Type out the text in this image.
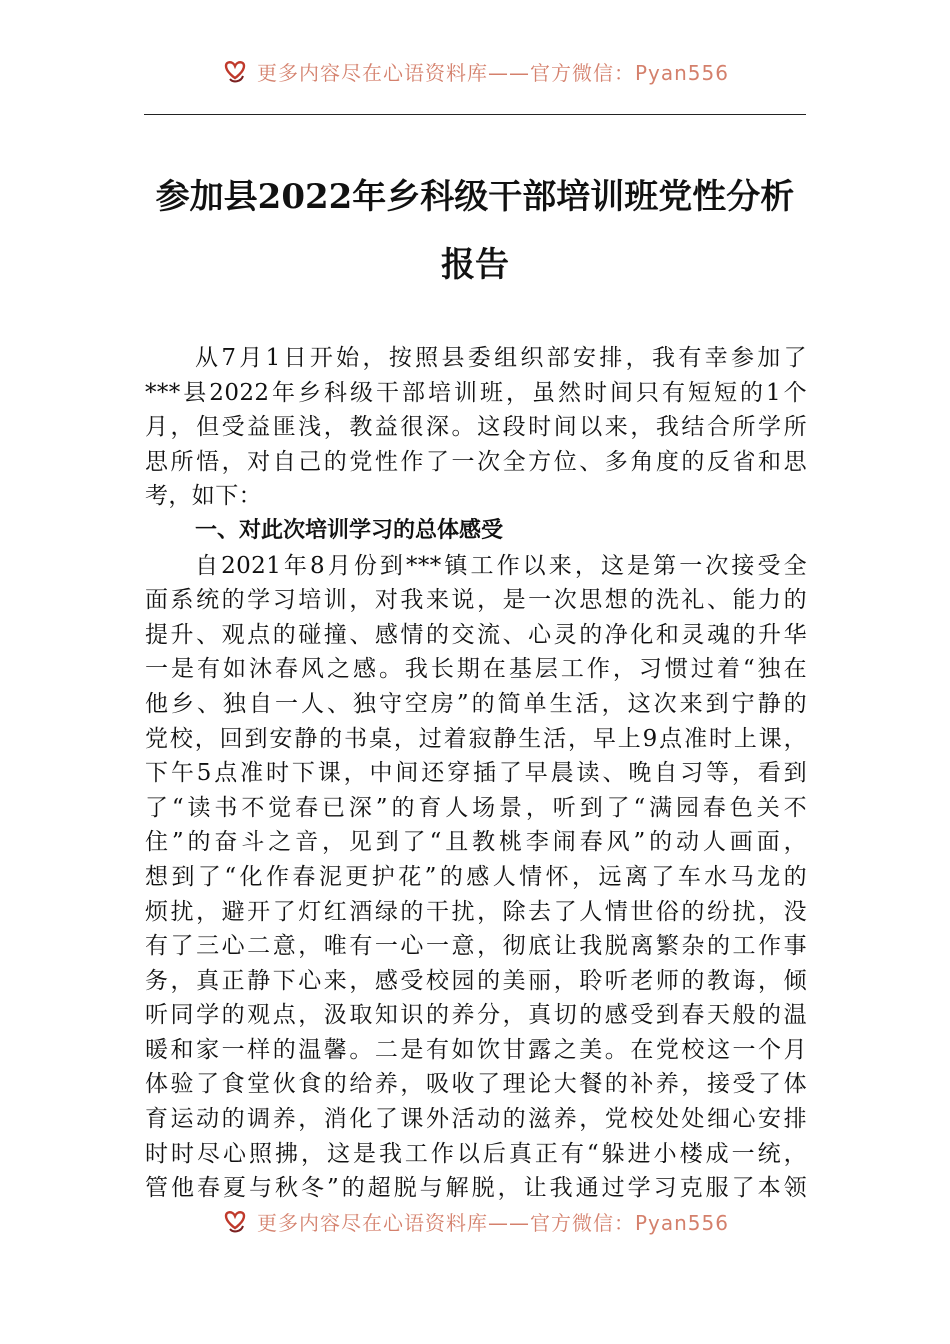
更多内容尽在心语资料库——官方微信：Pyan556
参加县2022年乡科级干部培训班党性分析
报告
从7月1日开始，按照县委组织部安排，我有幸参加了
***县2022年乡科级干部培训班，虽然时间只有短短的1个
月，但受益匪浅，教益很深。这段时间以来，我结合所学所
思所悟，对自己的党性作了一次全方位、多角度的反省和思
考，如下：
一、对此次培训学习的总体感受
自2021年8月份到***镇工作以来，这是第一次接受全
面系统的学习培训，对我来说，是一次思想的洗礼、能力的
提升、观点的碰撞、感情的交流、心灵的净化和灵魂的升华
一是有如沐春风之感。我长期在基层工作，习惯过着“独在
他乡、独自一人、独守空房”的简单生活，这次来到宁静的
党校，回到安静的书桌，过着寂静生活，早上9点准时上课，
下午5点准时下课，中间还穿插了早晨读、晚自习等，看到
了“读书不觉春已深”的育人场景，听到了“满园春色关不
住”的奋斗之音，见到了“且教桃李闹春风”的动人画面，
想到了“化作春泥更护花”的感人情怀，远离了车水马龙的
烦扰，避开了灯红酒绿的干扰，除去了人情世俗的纷扰，没
有了三心二意，唯有一心一意，彻底让我脱离繁杂的工作事
务，真正静下心来，感受校园的美丽，聆听老师的教诲，倾
听同学的观点，汲取知识的养分，真切的感受到春天般的温
暖和家一样的温馨。二是有如饮甘露之美。在党校这一个月
体验了食堂伙食的给养，吸收了理论大餐的补养，接受了体
育运动的调养，消化了课外活动的滋养，党校处处细心安排
时时尽心照拂，这是我工作以后真正有“躲进小楼成一统，
管他春夏与秋冬”的超脱与解脱，让我通过学习克服了本领
更多内容尽在心语资料库——官方微信：Pyan556
